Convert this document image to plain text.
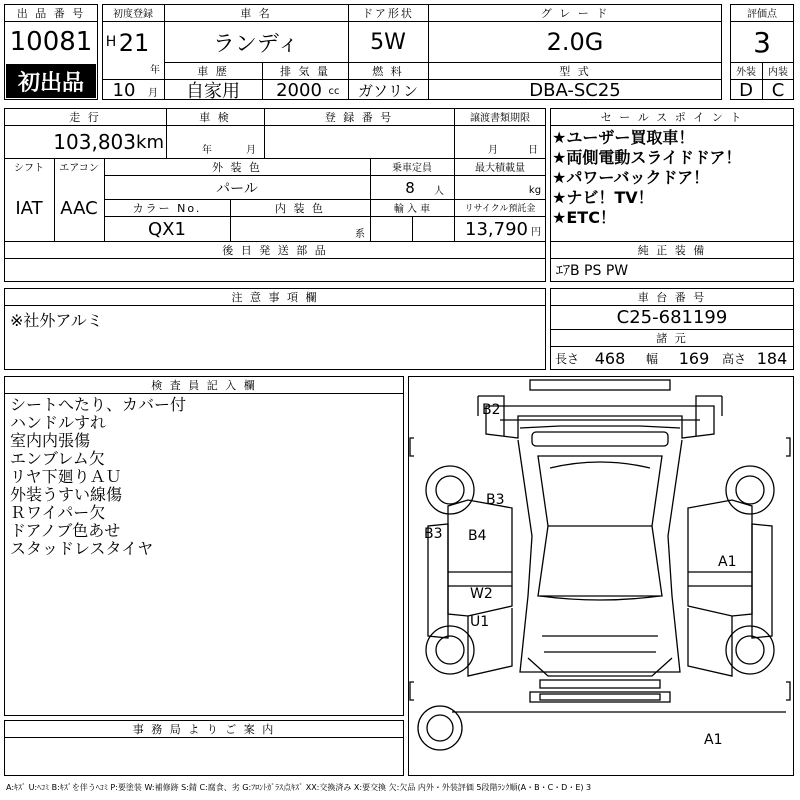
出 品 番 号
10081
初出品
初度登録
H 21
年
10	月
車 名
ランディ
ドア形状
5W
グ レ ー ド
2.0G
車 歴
自家用
排 気 量
2000 cc
燃 料
ガソリン
型 式
DBA-SC25
評価点
3
外装	内装
D	C
走 行
103,803 km
車 検
年	月
登 録 番 号	譲渡書類期限
月	日
シフト
IAT
エアコン
AAC
外 装 色
パール
乗車定員
8	人
最大積載量
kg
カラー No.
QX1
内 装 色
系
輸 入 車	リサイクル預託金
13,790 円
後 日 発 送 部 品
セ ー ル ス ポ イ ン ト
★ユーザー買取車！
★両側電動スライドドア！
★パワーバックドア！
★ナビ！TV！
★ETC！
純 正 装 備
ｴｱB PS PW
注 意 事 項 欄
※社外アルミ
車 台 番 号
C25-681199
諸 元
長さ 468	幅 169	高さ 184
検 査 員 記 入 欄
シートへたり、カバー付
ハンドルすれ
室内内張傷
エンブレム欠
リヤ下廻りＡＵ
外装うすい線傷
Ｒワイパー欠
ドアノブ色あせ
スタッドレスタイヤ
事 務 局 よ り ご 案 内
B2
B3
B3 B4
W2
U1
A1
A1
A:ｷｽﾞ U:ﾍｺﾐ B:ｷｽﾞを伴うﾍｺﾐ P:要塗装 W:補修跡 S:錆 C:腐食、劣 G:ﾌﾛﾝﾄｶﾞﾗｽ点ｷｽﾞ XX:交換済み X:要交換 欠:欠品 内外・外装評価 5段階ﾗﾝｸ順(A・B・C・D・E) 3
